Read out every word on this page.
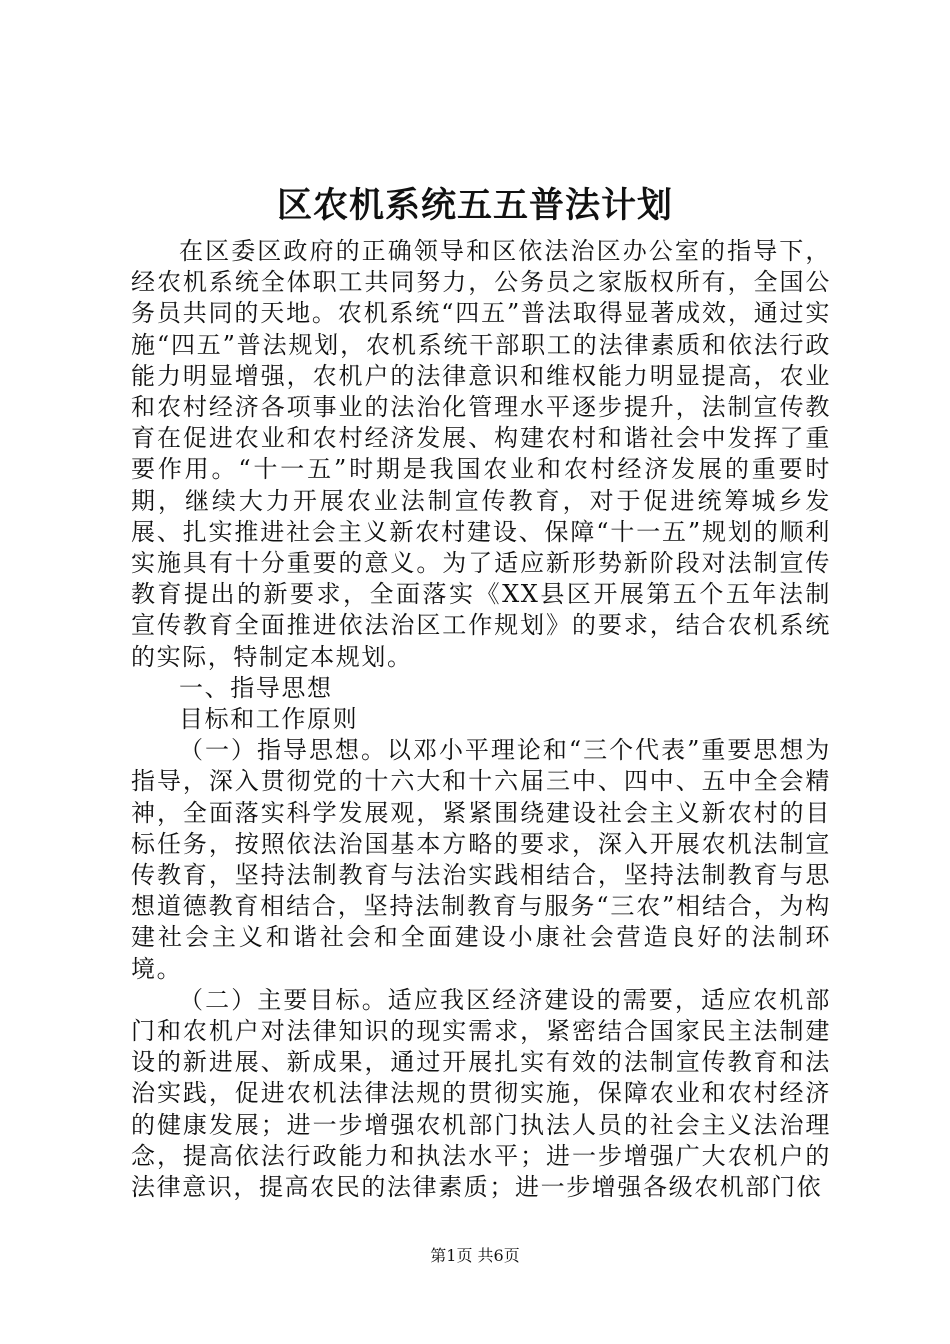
区农机系统五五普法计划

在区委区政府的正确领导和区依法治区办公室的指导下，经农机系统全体职工共同努力，公务员之家版权所有，全国公务员共同的天地。农机系统“四五”普法取得显著成效，通过实施“四五”普法规划，农机系统干部职工的法律素质和依法行政能力明显增强，农机户的法律意识和维权能力明显提高，农业和农村经济各项事业的法治化管理水平逐步提升，法制宣传教育在促进农业和农村经济发展、构建农村和谐社会中发挥了重要作用。“十一五”时期是我国农业和农村经济发展的重要时期，继续大力开展农业法制宣传教育，对于促进统筹城乡发展、扎实推进社会主义新农村建设、保障“十一五”规划的顺利实施具有十分重要的意义。为了适应新形势新阶段对法制宣传教育提出的新要求，全面落实《XX县区开展第五个五年法制宣传教育全面推进依法治区工作规划》的要求，结合农机系统的实际，特制定本规划。

一、指导思想

目标和工作原则

（一）指导思想。以邓小平理论和“三个代表”重要思想为指导，深入贯彻党的十六大和十六届三中、四中、五中全会精神，全面落实科学发展观，紧紧围绕建设社会主义新农村的目标任务，按照依法治国基本方略的要求，深入开展农机法制宣传教育，坚持法制教育与法治实践相结合，坚持法制教育与思想道德教育相结合，坚持法制教育与服务“三农”相结合，为构建社会主义和谐社会和全面建设小康社会营造良好的法制环境。

（二）主要目标。适应我区经济建设的需要，适应农机部门和农机户对法律知识的现实需求，紧密结合国家民主法制建设的新进展、新成果，通过开展扎实有效的法制宣传教育和法治实践，促进农机法律法规的贯彻实施，保障农业和农村经济的健康发展；进一步增强农机部门执法人员的社会主义法治理念，提高依法行政能力和执法水平；进一步增强广大农机户的法律意识，提高农民的法律素质；进一步增强各级农机部门依

第1页 共6页
